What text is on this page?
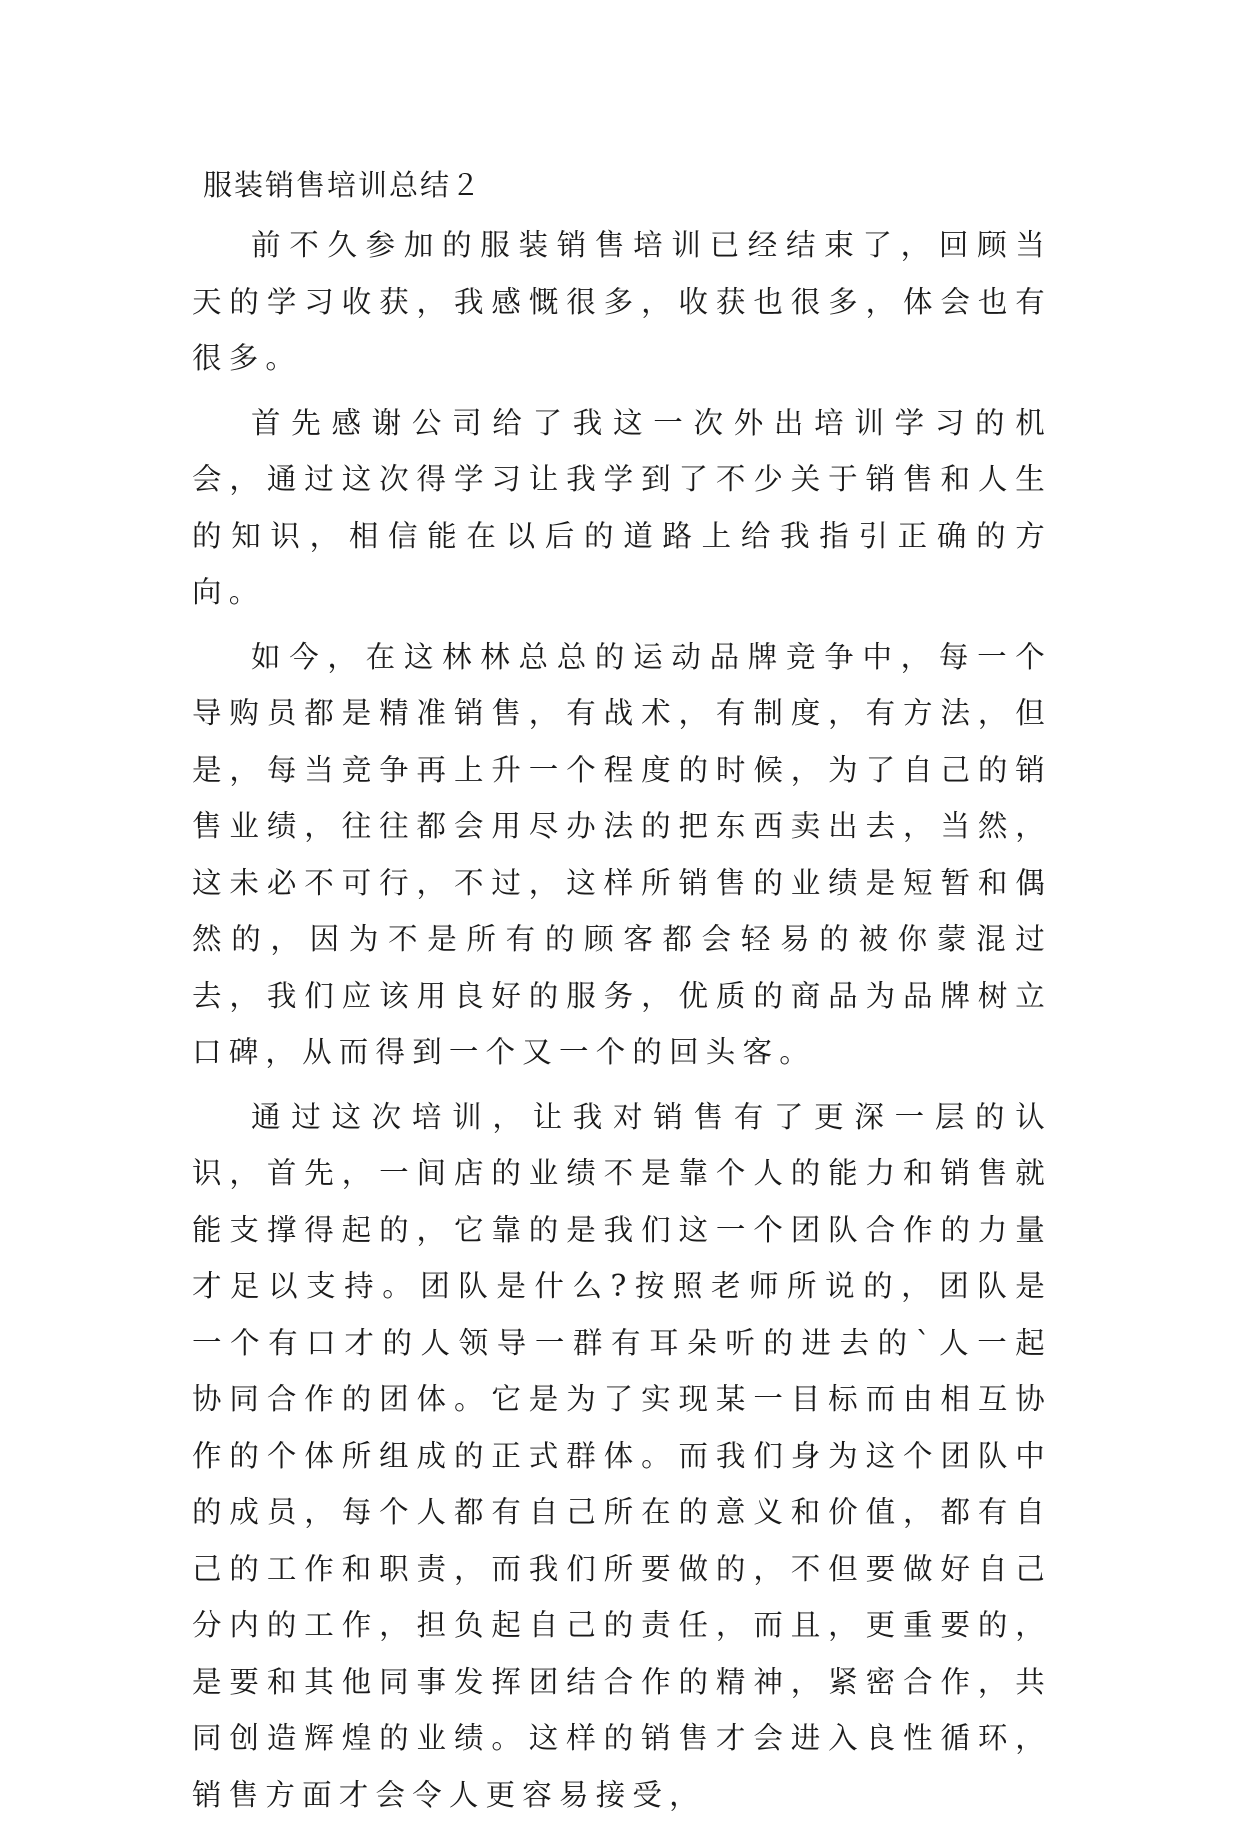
服装销售培训总结２

前不久参加的服装销售培训已经结束了，回顾当天的学习收获，我感慨很多，收获也很多，体会也有很多。

首先感谢公司给了我这一次外出培训学习的机会，通过这次得学习让我学到了不少关于销售和人生的知识，相信能在以后的道路上给我指引正确的方向。

如今，在这林林总总的运动品牌竞争中，每一个导购员都是精准销售，有战术，有制度，有方法，但是，每当竞争再上升一个程度的时候，为了自己的销售业绩，往往都会用尽办法的把东西卖出去，当然，这未必不可行，不过，这样所销售的业绩是短暂和偶然的，因为不是所有的顾客都会轻易的被你蒙混过去，我们应该用良好的服务，优质的商品为品牌树立口碑，从而得到一个又一个的回头客。

通过这次培训，让我对销售有了更深一层的认识，首先，一间店的业绩不是靠个人的能力和销售就能支撑得起的，它靠的是我们这一个团队合作的力量才足以支持。团队是什么?按照老师所说的，团队是一个有口才的人领导一群有耳朵听的进去的`人一起协同合作的团体。它是为了实现某一目标而由相互协作的个体所组成的正式群体。而我们身为这个团队中的成员，每个人都有自己所在的意义和价值，都有自己的工作和职责，而我们所要做的，不但要做好自己分内的工作，担负起自己的责任，而且，更重要的，是要和其他同事发挥团结合作的精神，紧密合作，共同创造辉煌的业绩。这样的销售才会进入良性循环，销售方面才会令人更容易接受，
